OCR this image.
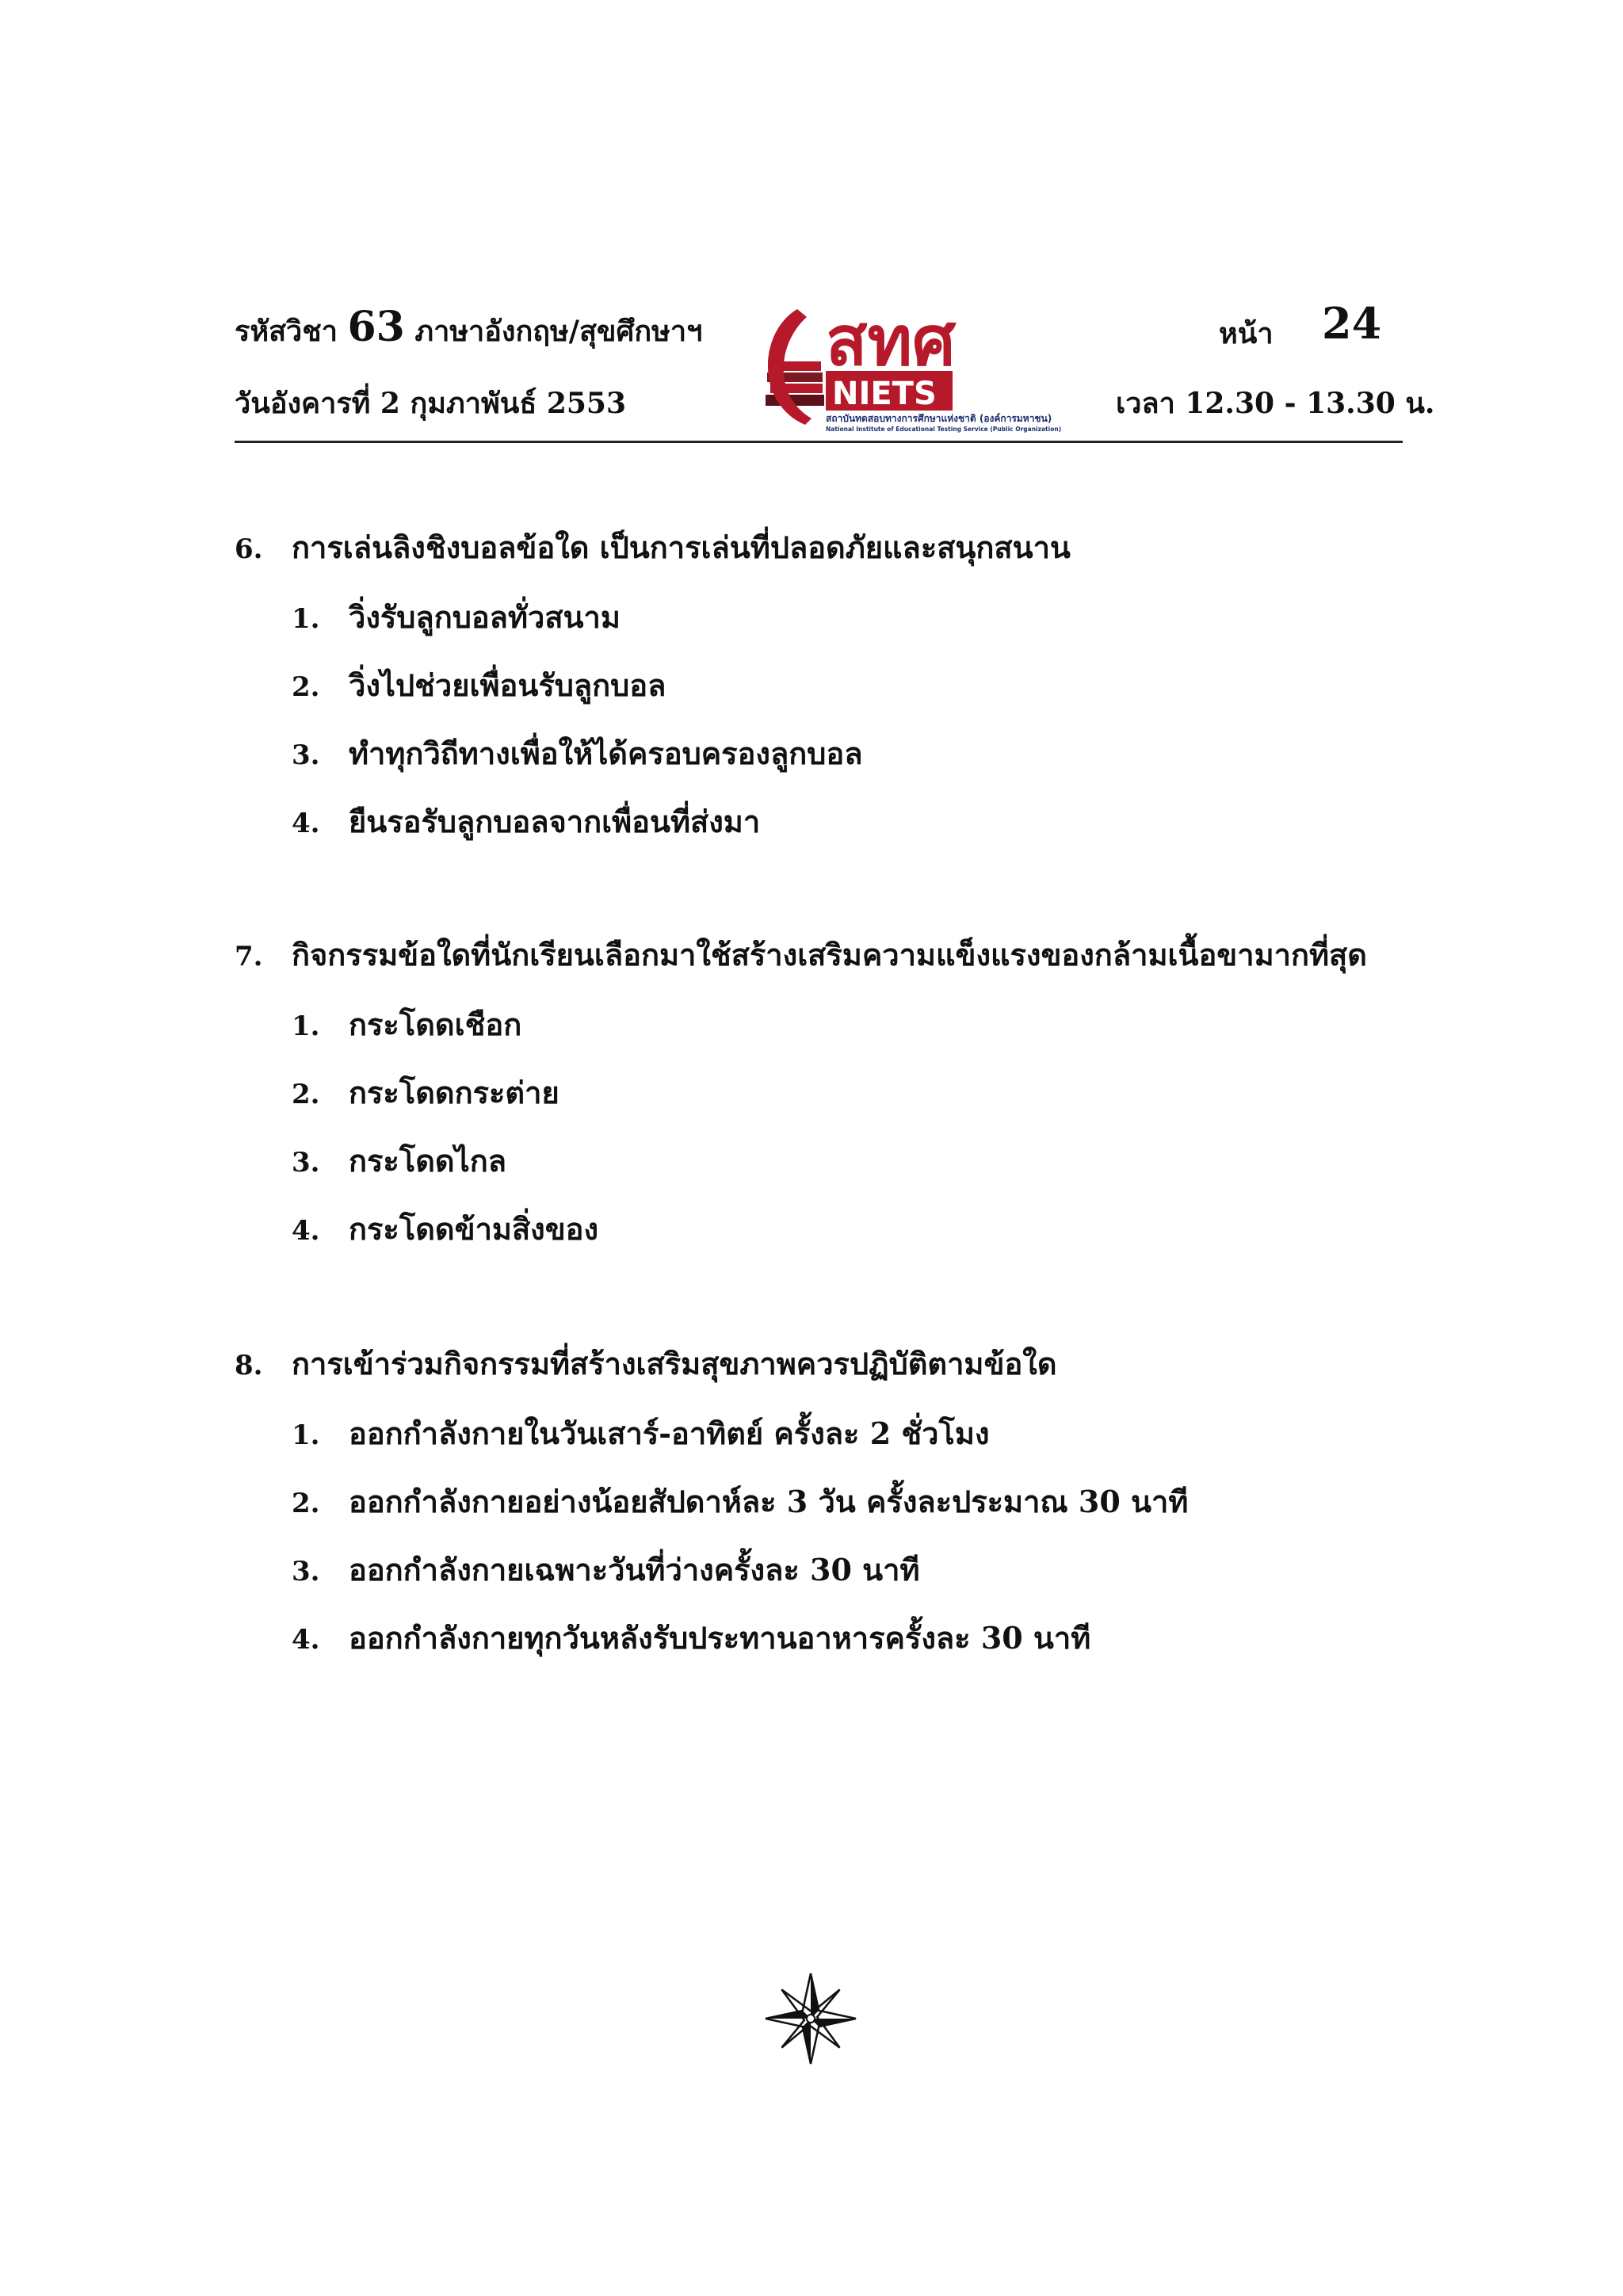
รหัสวิชา 63 ภาษาอังกฤษ/สุขศึกษาฯ
วันอังคารที่ 2 กุมภาพันธ์ 2553
หน้า 24
สทศ
NIETS
สถาบันทดสอบทางการศึกษาแห่งชาติ (องค์การมหาชน)
National Institute of Educational Testing Service (Public Organization)
เวลา 12.30 - 13.30 น.
6. การเล่นลิงชิงบอลข้อใด เป็นการเล่นที่ปลอดภัยและสนุกสนาน
1. วิ่งรับลูกบอลทั่วสนาม
2. วิ่งไปช่วยเพื่อนรับลูกบอล
3. ทำทุกวิถีทางเพื่อให้ได้ครอบครองลูกบอล
4. ยืนรอรับลูกบอลจากเพื่อนที่ส่งมา
7. กิจกรรมข้อใดที่นักเรียนเลือกมาใช้สร้างเสริมความแข็งแรงของกล้ามเนื้อขามากที่สุด
1. กระโดดเชือก
2. กระโดดกระต่าย
3. กระโดดไกล
4. กระโดดข้ามสิ่งของ
8. การเข้าร่วมกิจกรรมที่สร้างเสริมสุขภาพควรปฏิบัติตามข้อใด
1. ออกกำลังกายในวันเสาร์-อาทิตย์ ครั้งละ 2 ชั่วโมง
2. ออกกำลังกายอย่างน้อยสัปดาห์ละ 3 วัน ครั้งละประมาณ 30 นาที
3. ออกกำลังกายเฉพาะวันที่ว่างครั้งละ 30 นาที
4. ออกกำลังกายทุกวันหลังรับประทานอาหารครั้งละ 30 นาที
